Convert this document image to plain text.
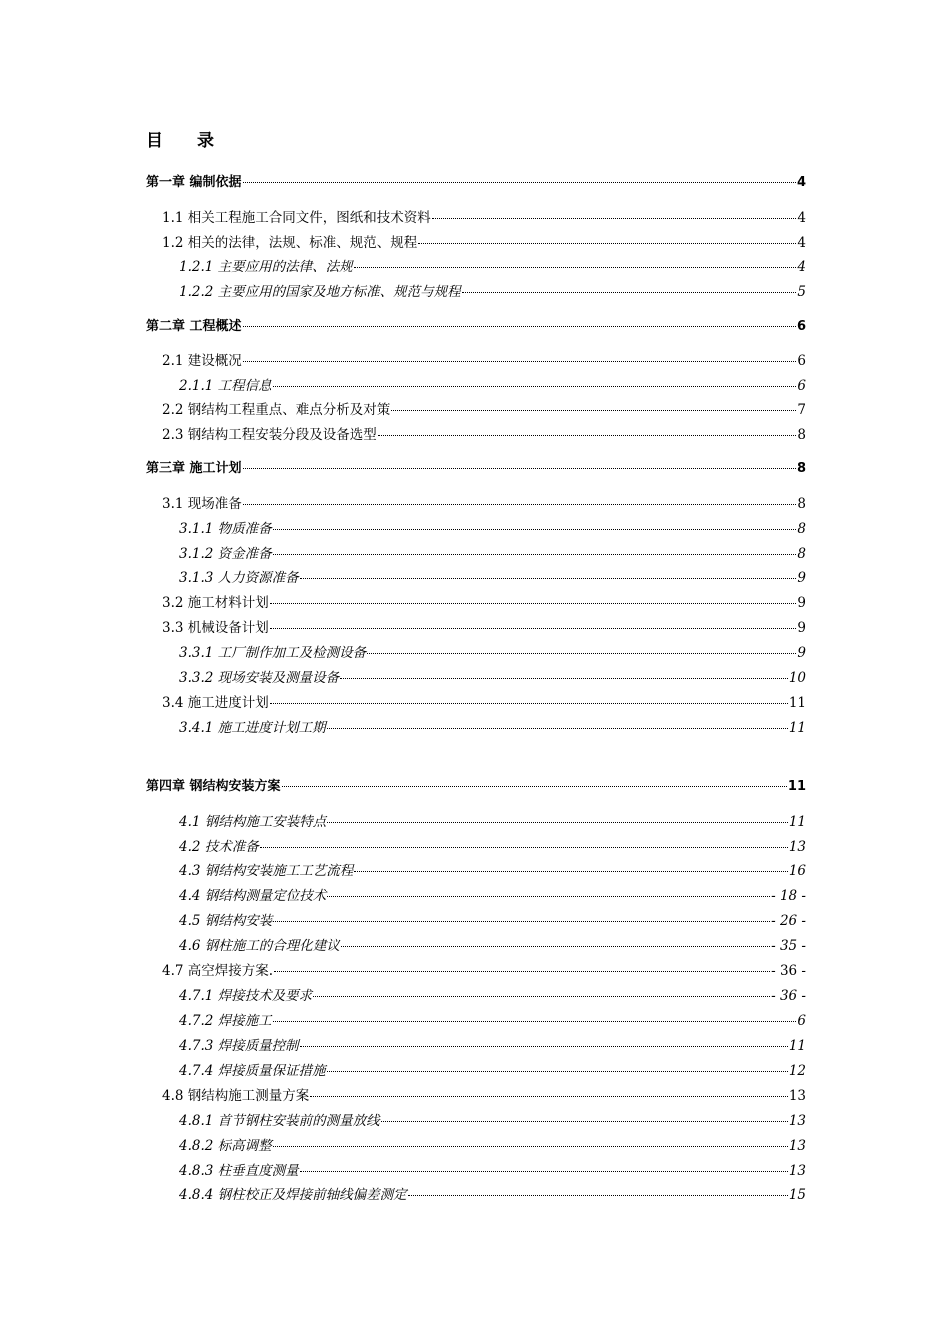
目　　录
第一章 编制依据	4
1.1 相关工程施工合同文件，图纸和技术资料	4
1.2 相关的法律，法规、标准、规范、规程	4
1.2.1 主要应用的法律、法规	4
1.2.2 主要应用的国家及地方标准、规范与规程	5
第二章 工程概述	6
2.1 建设概况	6
2.1.1 工程信息	6
2.2 钢结构工程重点、难点分析及对策	7
2.3 钢结构工程安装分段及设备选型	8
第三章 施工计划	8
3.1 现场准备	8
3.1.1 物质准备	8
3.1.2 资金准备	8
3.1.3 人力资源准备	9
3.2 施工材料计划	9
3.3 机械设备计划	9
3.3.1 工厂制作加工及检测设备	9
3.3.2 现场安装及测量设备	10
3.4 施工进度计划	11
3.4.1 施工进度计划工期	11
第四章 钢结构安装方案	11
4.1 钢结构施工安装特点	11
4.2 技术准备	13
4.3 钢结构安装施工工艺流程	16
4.4 钢结构测量定位技术	- 18 -
4.5 钢结构安装	- 26 -
4.6 钢柱施工的合理化建议	- 35 -
4.7 高空焊接方案.	- 36 -
4.7.1 焊接技术及要求	- 36 -
4.7.2 焊接施工	6
4.7.3 焊接质量控制	11
4.7.4 焊接质量保证措施	12
4.8 钢结构施工测量方案	13
4.8.1 首节钢柱安装前的测量放线	13
4.8.2 标高调整	13
4.8.3 柱垂直度测量	13
4.8.4 钢柱校正及焊接前轴线偏差测定	15
